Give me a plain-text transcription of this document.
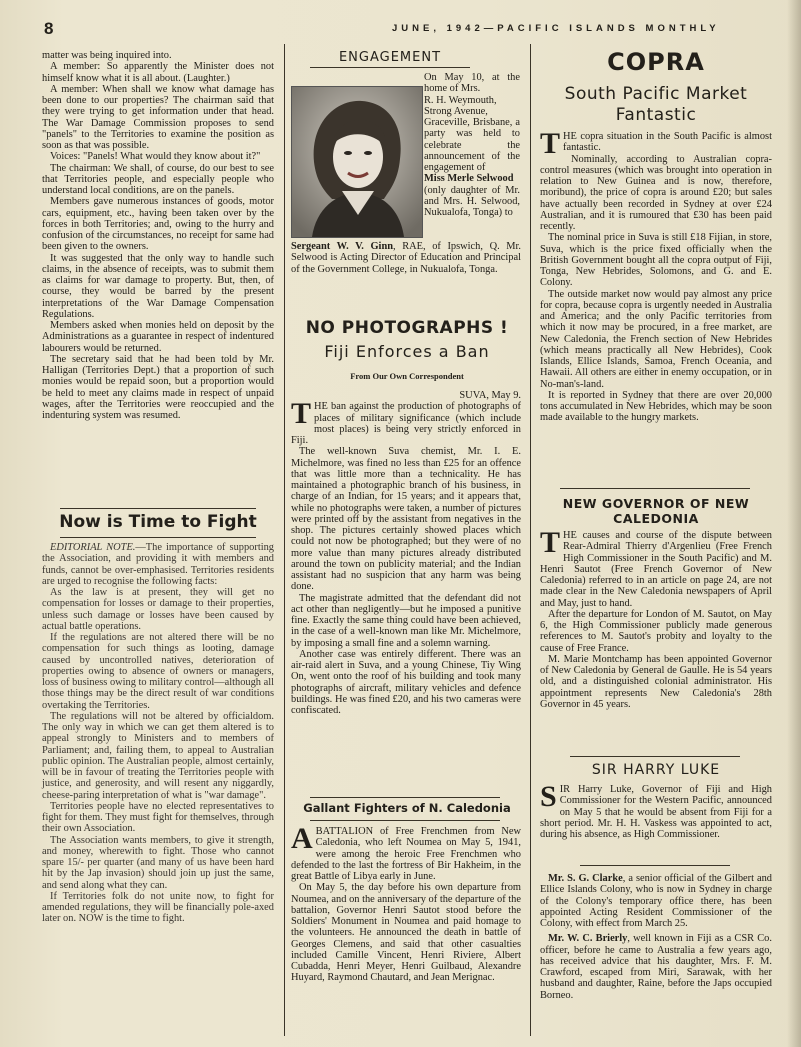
8	JUNE, 1942—PACIFIC ISLANDS MONTHLY

matter was being inquired into.

A member: So apparently the Minister does not himself know what it is all about. (Laughter.)

A member: When shall we know what damage has been done to our properties? The chairman said that they were trying to get information under that head. The War Damage Commission proposes to send "panels" to the Territories to examine the position as soon as that was possible.

Voices: "Panels! What would they know about it?"

The chairman: We shall, of course, do our best to see that Territories people, and especially people who understand local conditions, are on the panels.

Members gave numerous instances of goods, motor cars, equipment, etc., having been taken over by the forces in both Territories; and, owing to the hurry and confusion of the circumstances, no receipt for same had been given to the owners.

It was suggested that the only way to handle such claims, in the absence of receipts, was to submit them as claims for war damage to property. But, then, of course, they would be barred by the present interpretations of the War Damage Compensation Regulations.

Members asked when monies held on deposit by the Administrations as a guarantee in respect of indentured labourers would be returned.

The secretary said that he had been told by Mr. Halligan (Territories Dept.) that a proportion of such monies would be repaid soon, but a proportion would be held to meet any claims made in respect of unpaid wages, after the Territories were reoccupied and the indenturing system was resumed.

Now is Time to Fight

EDITORIAL NOTE.—The importance of supporting the Association, and providing it with members and funds, cannot be over-emphasised. Territories residents are urged to recognise the following facts:

As the law is at present, they will get no compensation for losses or damage to their properties, unless such damage or losses have been caused by actual battle operations.

If the regulations are not altered there will be no compensation for such things as looting, damage caused by uncontrolled natives, deterioration of properties owing to absence of owners or managers, loss of business owing to military control—although all those things may be the direct result of war conditions overtaking the Territories.

The regulations will not be altered by officialdom. The only way in which we can get them altered is to appeal strongly to Ministers and to members of Parliament; and, failing them, to appeal to Australian public opinion. The Australian people, almost certainly, will be in favour of treating the Territories people with justice, and generosity, and will resent any niggardly, cheese-paring interpretation of what is "war damage".

Territories people have no elected representatives to fight for them. They must fight for themselves, through their own Association.

The Association wants members, to give it strength, and money, wherewith to fight. Those who cannot spare 15/- per quarter (and many of us have been hard hit by the Jap invasion) should join up just the same, and send along what they can.

If Territories folk do not unite now, to fight for amended regulations, they will be financially pole-axed later on. NOW is the time to fight.

ENGAGEMENT

On May 10, at the home of Mrs.

R. H. Weymouth,

Strong Avenue,

Graceville, Brisbane, a party was held to celebrate the announcement of the engagement of

Miss Merle Selwood

(only daughter of Mr. and Mrs. H. Selwood, Nukualofa, Tonga) to

Sergeant W. V. Ginn, RAE, of Ipswich, Q. Mr. Selwood is Acting Director of Education and Principal of the Government College, in Nukualofa, Tonga.

NO PHOTOGRAPHS !
Fiji Enforces a Ban
From Our Own Correspondent

SUVA, May 9.

THE ban against the production of photographs of places of military significance (which include most places) is being very strictly enforced in Fiji.

The well-known Suva chemist, Mr. I. E. Michelmore, was fined no less than £25 for an offence that was little more than a technicality. He has maintained a photographic branch of his business, in charge of an Indian, for 15 years; and it appears that, while no photographs were taken, a number of pictures were printed off by the assistant from negatives in the shop. The pictures certainly showed places which could not now be photographed; but they were of no more value than many pictures already distributed around the town on publicity material; and the Indian assistant had no suspicion that any harm was being done.

The magistrate admitted that the defendant did not act other than negligently—but he imposed a punitive fine. Exactly the same thing could have been achieved, in the case of a well-known man like Mr. Michelmore, by imposing a small fine and a solemn warning.

Another case was entirely different. There was an air-raid alert in Suva, and a young Chinese, Tiy Wing On, went onto the roof of his building and took many photographs of aircraft, military vehicles and defence buildings. He was fined £20, and his two cameras were confiscated.

Gallant Fighters of N. Caledonia

ABATTALION of Free Frenchmen from New Caledonia, who left Noumea on May 5, 1941, were among the heroic Free Frenchmen who defended to the last the fortress of Bir Hakheim, in the great Battle of Libya early in June.

On May 5, the day before his own departure from Noumea, and on the anniversary of the departure of the battalion, Governor Henri Sautot stood before the Soldiers' Monument in Noumea and paid homage to the volunteers. He announced the death in battle of Georges Clemens, and said that other casualties included Camille Vincent, Henri Riviere, Albert Cubadda, Henri Meyer, Henri Guilbaud, Alexandre Huyard, Raymond Chautard, and Jean Merignac.

COPRA
South Pacific Market
Fantastic

THE copra situation in the South Pacific is almost fantastic.

Nominally, according to Australian copra-control measures (which was brought into operation in relation to New Guinea and is now, therefore, moribund), the price of copra is around £20; but sales have actually been recorded in Sydney at over £24 Australian, and it is rumoured that £30 has been paid recently.

The nominal price in Suva is still £18 Fijian, in store, Suva, which is the price fixed officially when the British Government bought all the copra output of Fiji, Tonga, New Hebrides, Solomons, and G. and E. Colony.

The outside market now would pay almost any price for copra, because copra is urgently needed in Australia and America; and the only Pacific territories from which it now may be procured, in a free market, are New Caledonia, the French section of New Hebrides (which means practically all New Hebrides), Cook Islands, Ellice Islands, Samoa, French Oceania, and Hawaii. All others are either in enemy occupation, or in No-man's-land.

It is reported in Sydney that there are over 20,000 tons accumulated in New Hebrides, which may be soon made available to the hungry markets.

NEW GOVERNOR OF NEW
CALEDONIA

THE causes and course of the dispute between Rear-Admiral Thierry d'Argenlieu (Free French High Commissioner in the South Pacific) and M. Henri Sautot (Free French Governor of New Caledonia) referred to in an article on page 24, are not made clear in the New Caledonia newspapers of April and May, just to hand.

After the departure for London of M. Sautot, on May 6, the High Commissioner publicly made generous references to M. Sautot's probity and loyalty to the cause of Free France.

M. Marie Montchamp has been appointed Governor of New Caledonia by General de Gaulle. He is 54 years old, and a distinguished colonial administrator. His appointment represents New Caledonia's 28th Governor in 45 years.

SIR HARRY LUKE

SIR Harry Luke, Governor of Fiji and High Commissioner for the Western Pacific, announced on May 5 that he would be absent from Fiji for a short period. Mr. H. H. Vaskess was appointed to act, during his absence, as High Commissioner.

Mr. S. G. Clarke, a senior official of the Gilbert and Ellice Islands Colony, who is now in Sydney in charge of the Colony's temporary office there, has been appointed Acting Resident Commissioner of the Colony, with effect from March 25.

Mr. W. C. Brierly, well known in Fiji as a CSR Co. officer, before he came to Australia a few years ago, has received advice that his daughter, Mrs. F. M. Crawford, escaped from Miri, Sarawak, with her husband and daughter, Raine, before the Japs occupied Borneo.
